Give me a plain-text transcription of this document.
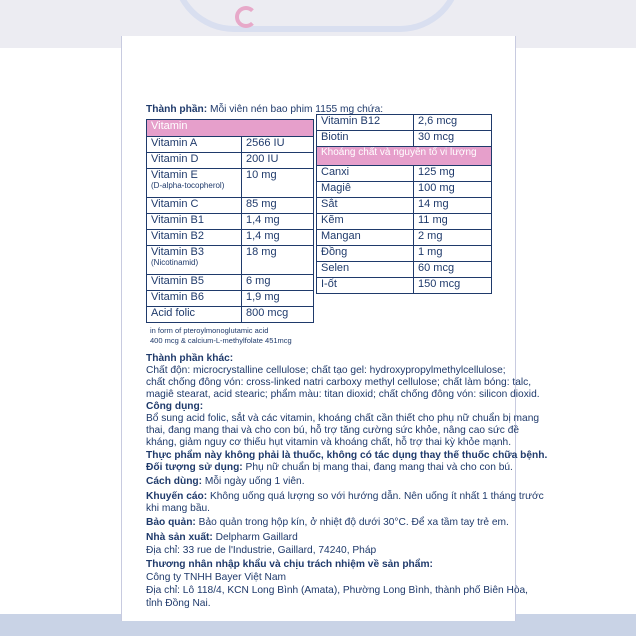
Thành phần: Mỗi viên nén bao phim 1155 mg chứa:
Vitamin	
Vitamin A	2566 IU
Vitamin D	200 IU

Vitamin E
(D-alpha-tocopherol)	10 mg
Vitamin C	85 mg
Vitamin B1	1,4 mg
Vitamin B2	1,4 mg

Vitamin B3
(Nicotinamid)	18 mg
Vitamin B5	6 mg
Vitamin B6	1,9 mg
Acid folic	800 mcg
in form of pteroylmonoglutamic acid
400 mcg & calcium-L-methylfolate 451mcg
Vitamin B12	2,6 mcg
Biotin	30 mcg
Khoáng chất và nguyên tố vi lượng	
Canxi	125 mg
Magiê	100 mg
Sắt	14 mg
Kẽm	11 mg
Mangan	2 mg
Đồng	1 mg
Selen	60 mcg
I-ốt	150 mcg
Thành phần khác:
Chất độn: microcrystalline cellulose; chất tạo gel: hydroxypropylmethylcellulose;
chất chống đông vón: cross-linked natri carboxy methyl cellulose; chất làm bóng: talc,
magiê stearat, acid stearic; phẩm màu: titan dioxid; chất chống đông vón: silicon dioxid.
Công dụng:
Bổ sung acid folic, sắt và các vitamin, khoáng chất cần thiết cho phụ nữ chuẩn bị mang
thai, đang mang thai và cho con bú, hỗ trợ tăng cường sức khỏe, nâng cao sức đề
kháng, giảm nguy cơ thiếu hụt vitamin và khoáng chất, hỗ trợ thai kỳ khỏe mạnh.
Thực phẩm này không phải là thuốc, không có tác dụng thay thế thuốc chữa bệnh.
Đối tượng sử dụng: Phụ nữ chuẩn bị mang thai, đang mang thai và cho con bú.
Cách dùng: Mỗi ngày uống 1 viên.
Khuyến cáo: Không uống quá lượng so với hướng dẫn. Nên uống ít nhất 1 tháng trước
khi mang bầu.
Bảo quản: Bảo quản trong hộp kín, ở nhiệt độ dưới 30°C. Để xa tầm tay trẻ em.
Nhà sản xuất: Delpharm Gaillard
Địa chỉ: 33 rue de l'Industrie, Gaillard, 74240, Pháp
Thương nhân nhập khẩu và chịu trách nhiệm về sản phẩm:
Công ty TNHH Bayer Việt Nam
Địa chỉ: Lô 118/4, KCN Long Bình (Amata), Phường Long Bình, thành phố Biên Hòa,
tỉnh Đồng Nai.
